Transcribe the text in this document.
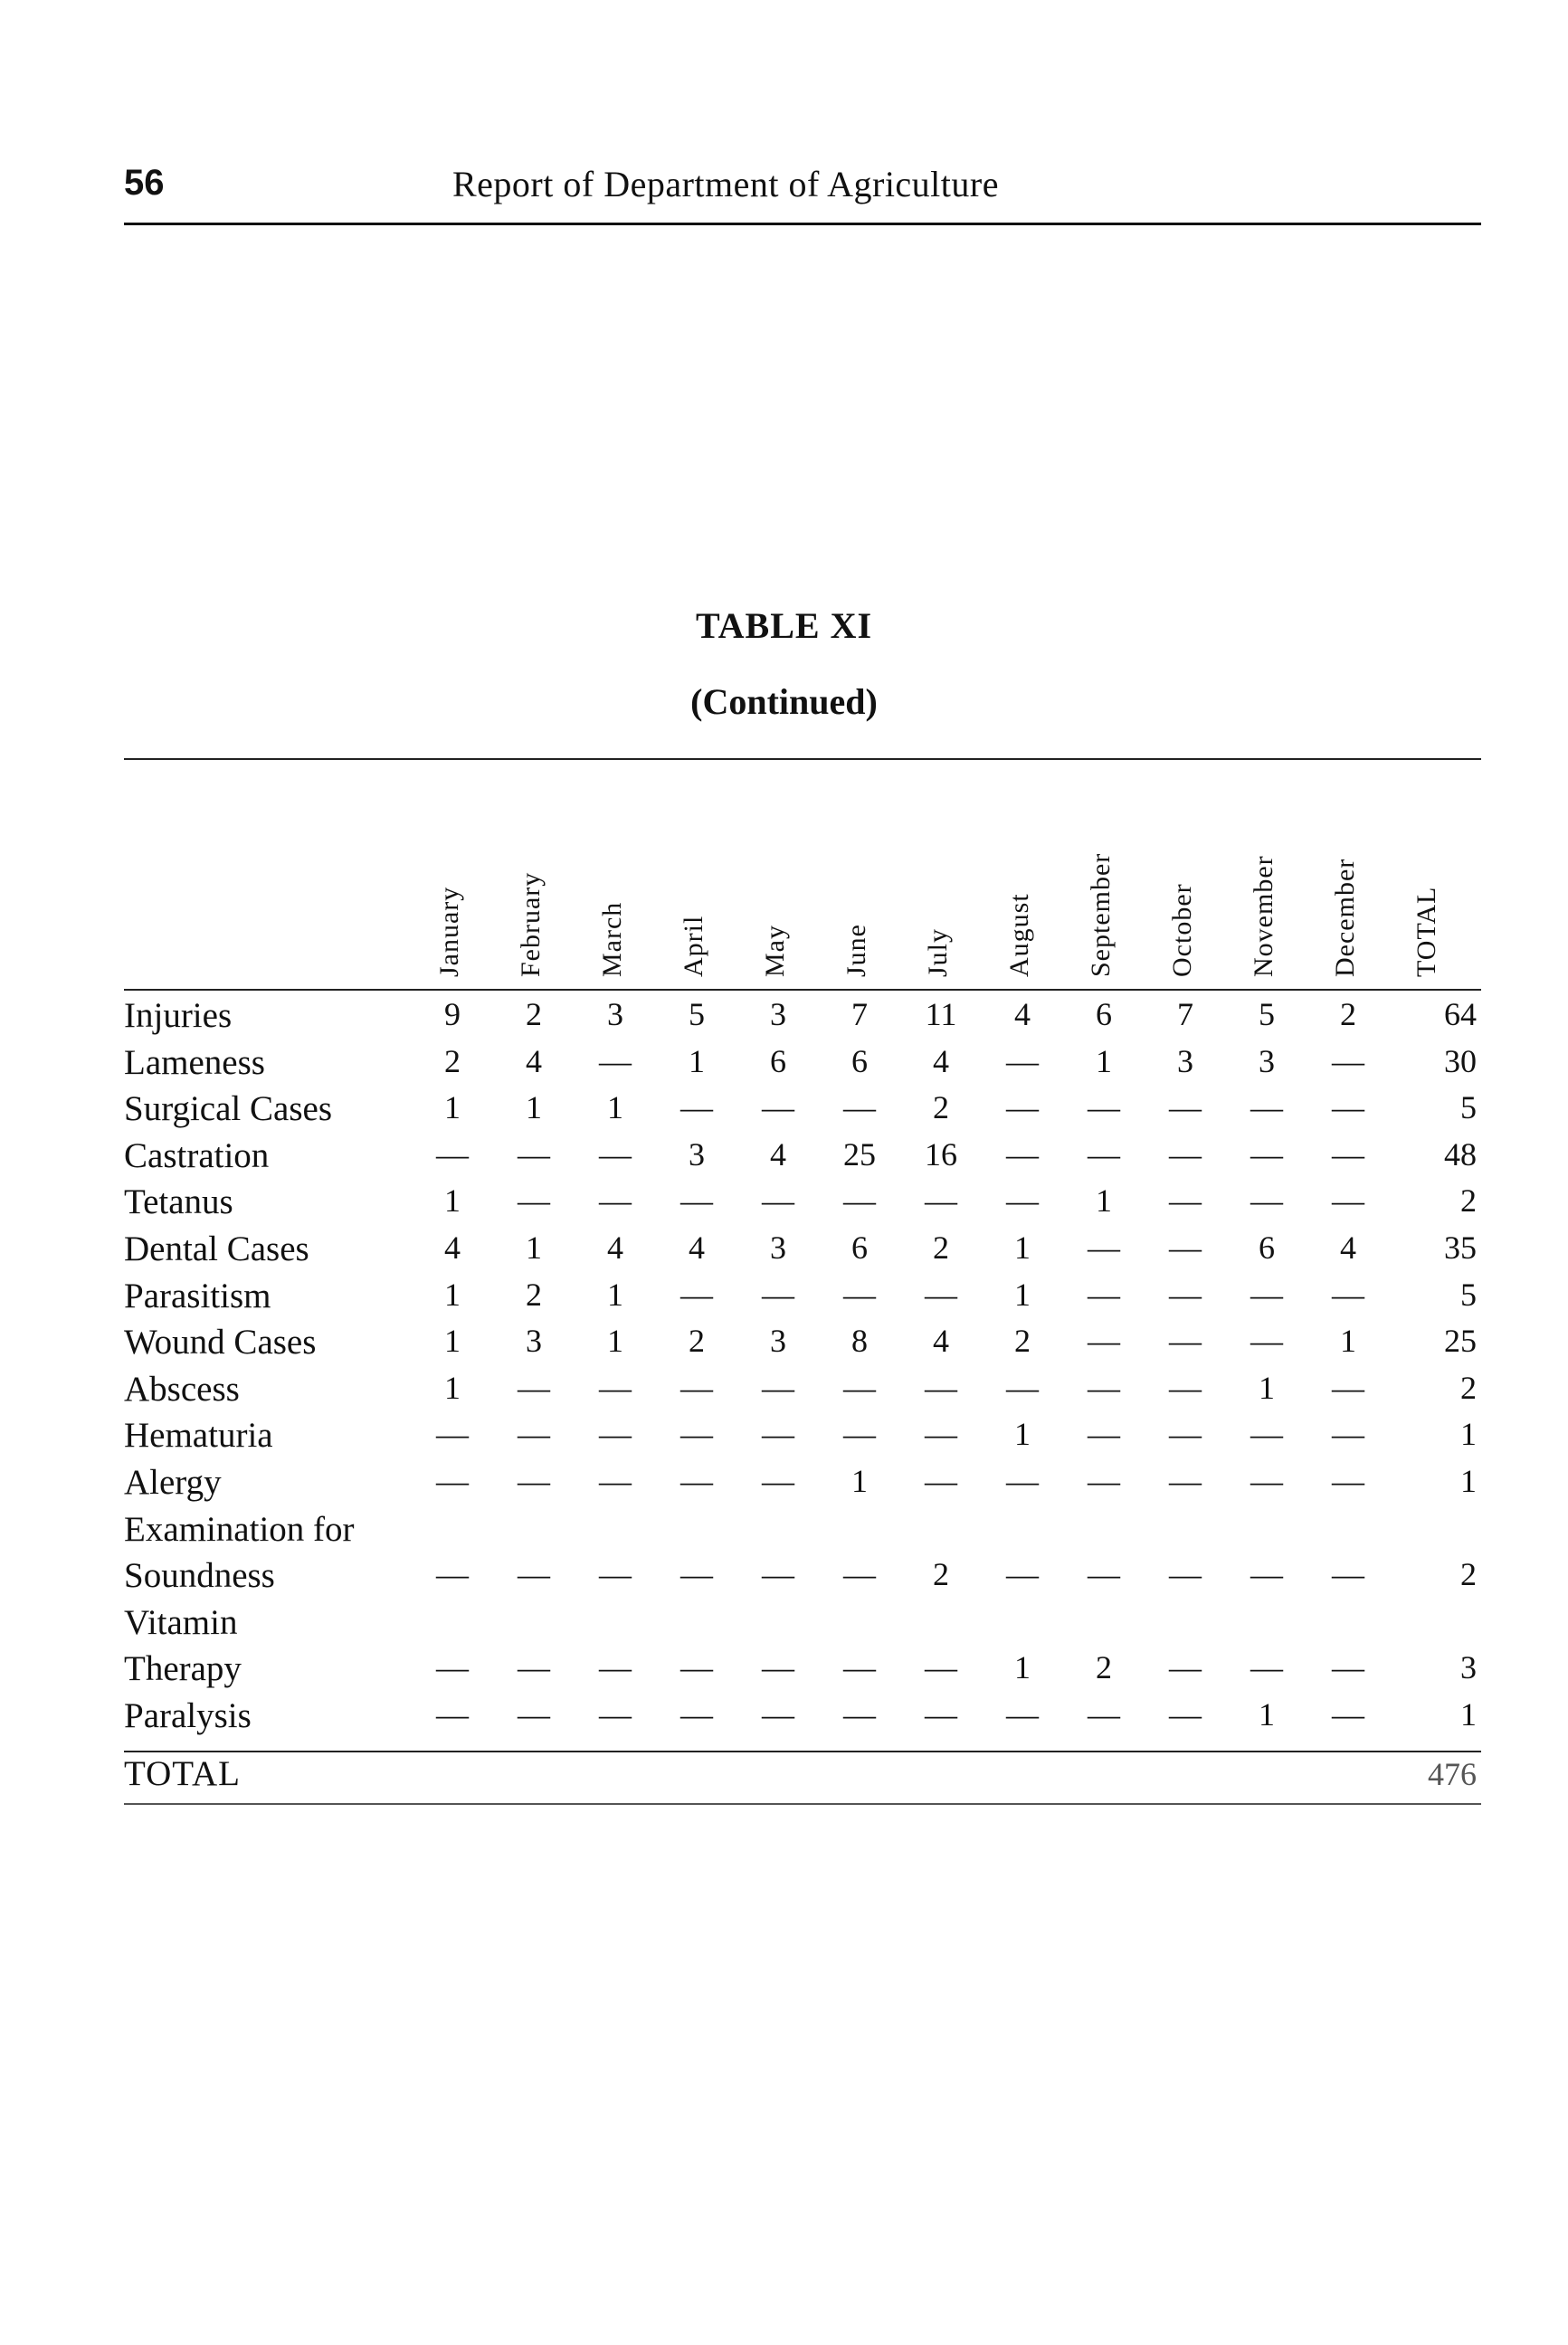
56	Report of Department of Agriculture
TABLE XI
(Continued)
January February March April May June July August September October November December TOTAL
Injuries	9	2	3	5	3	7	11	4	6	7	5	2	64
Lameness	2	4	—	1	6	6	4	—	1	3	3	—	30
Surgical Cases	1	1	1	—	—	—	2	—	—	—	—	—	5
Castration	—	—	—	3	4	25	16	—	—	—	—	—	48
Tetanus	1	—	—	—	—	—	—	—	1	—	—	—	2
Dental Cases	4	1	4	4	3	6	2	1	—	—	6	4	35
Parasitism	1	2	1	—	—	—	—	1	—	—	—	—	5
Wound Cases	1	3	1	2	3	8	4	2	—	—	—	1	25
Abscess	1	—	—	—	—	—	—	—	—	—	1	—	2
Hematuria	—	—	—	—	—	—	—	1	—	—	—	—	1
Alergy	—	—	—	—	—	1	—	—	—	—	—	—	1
Examination for
Soundness	—	—	—	—	—	—	2	—	—	—	—	—	2
Vitamin
Therapy	—	—	—	—	—	—	—	1	2	—	—	—	3
Paralysis	—	—	—	—	—	—	—	—	—	—	1	—	1
TOTAL	476
